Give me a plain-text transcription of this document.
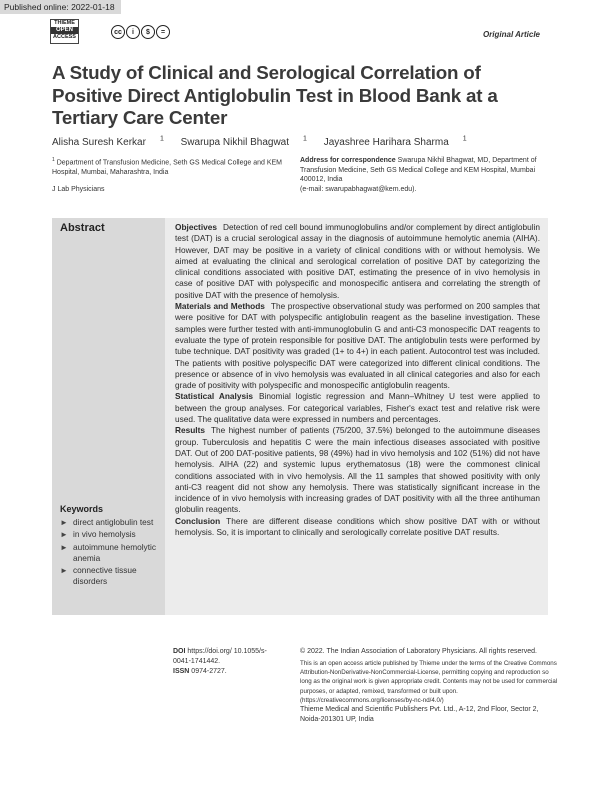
Published online: 2022-01-18
THIEME
OPEN
ACCESS
cc	i	$	=	Original Article
A Study of Clinical and Serological Correlation of Positive Direct Antiglobulin Test in Blood Bank at a Tertiary Care Center
Alisha Suresh Kerkar $^1$ Swarupa Nikhil Bhagwat $^1$ Jayashree Harihara Sharma $^1$
$^1$ Department of Transfusion Medicine, Seth GS Medical College and KEM Hospital, Mumbai, Maharashtra, India
J Lab Physicians
Address for correspondence Swarupa Nikhil Bhagwat, MD, Department of Transfusion Medicine, Seth GS Medical College and KEM Hospital, Mumbai 400012, India
(e-mail: swarupabhagwat@kem.edu).
Abstract	Objectives Detection of red cell bound immunoglobulins and/or complement by direct antiglobulin test (DAT) is a crucial serological assay in the diagnosis of autoimmune hemolytic anemia (AIHA). However, DAT may be positive in a variety of clinical conditions with or without hemolysis. We aimed at evaluating the clinical and serological correlation of positive DAT by categorizing the clinical conditions associated with positive DAT, estimating the presence of in vivo hemolysis in case of positive DAT with polyspecific and monospecific antisera and correlating the strength of positive DAT with the presence of hemolysis.

Materials and Methods The prospective observational study was performed on 200 samples that were positive for DAT with polyspecific antiglobulin reagent as the baseline investigation. These samples were further tested with anti-immunoglobulin G and anti-C3 monospecific DAT reagents to evaluate the type of protein responsible for positive DAT. The antiglobulin tests were performed by tube technique. DAT positivity was graded (1+ to 4+) in each patient. Autocontrol test was included. The patients with positive polyspecific DAT were categorized into different clinical conditions. The presence or absence of in vivo hemolysis was evaluated in all clinical categories and also for each grade of positivity with polyspecific and monospecific antiglobulin reagents.

Statistical Analysis Binomial logistic regression and Mann–Whitney U test were applied to between the group analyses. For categorical variables, Fisher's exact test and relative risk were used. The qualitative data were expressed in numbers and percentages.

Results The highest number of patients (75/200, 37.5%) belonged to the autoimmune diseases group. Tuberculosis and hepatitis C were the main infectious diseases associated with positive DAT. Out of 200 DAT-positive patients, 98 (49%) had in vivo hemolysis and 102 (51%) did not have hemolysis. AIHA (22) and systemic lupus erythematosus (18) were the commonest clinical conditions associated with in vivo hemolysis. All the 11 samples that showed positivity with only anti-C3 reagent did not show any hemolysis. There was statistically significant increase in the incidence of in vivo hemolysis with increasing grades of DAT positivity with all the three antihuman globulin reagents.

Conclusion There are different disease conditions which show positive DAT with or without hemolysis. So, it is important to clinically and serologically correlate positive DAT results.

Keywords
► direct antiglobulin test
► in vivo hemolysis
► autoimmune hemolytic anemia
► connective tissue disorders
DOI https://doi.org/ 10.1055/s-0041-1741442.
ISSN 0974-2727.
© 2022. The Indian Association of Laboratory Physicians. All rights reserved.
This is an open access article published by Thieme under the terms of the Creative Commons Attribution-NonDerivative-NonCommercial-License, permitting copying and reproduction so long as the original work is given appropriate credit. Contents may not be used for commercial purposes, or adapted, remixed, transformed or built upon. (https://creativecommons.org/licenses/by-nc-nd/4.0/)
Thieme Medical and Scientific Publishers Pvt. Ltd., A-12, 2nd Floor, Sector 2, Noida-201301 UP, India
